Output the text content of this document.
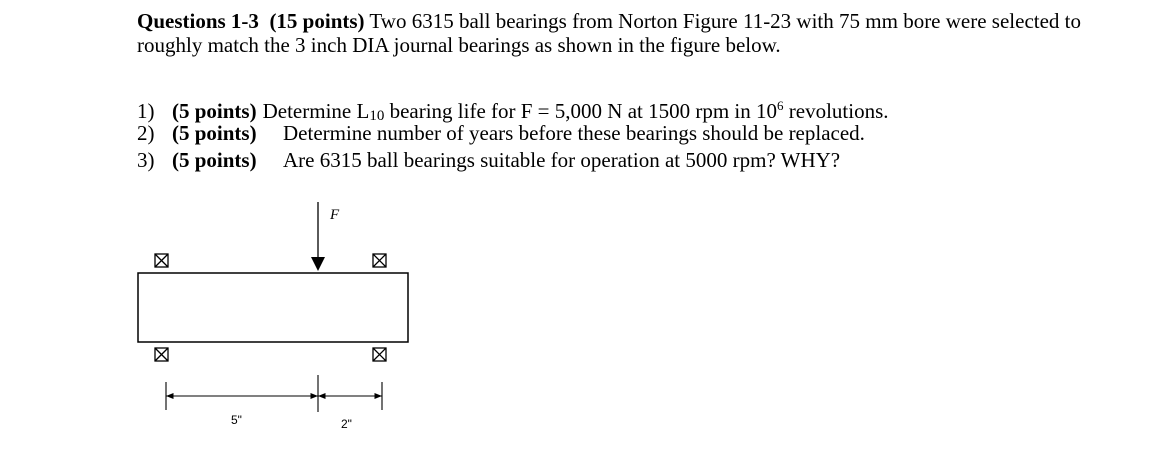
Questions 1-3 (15 points) Two 6315 ball bearings from Norton Figure 11-23 with 75 mm bore were selected to roughly match the 3 inch DIA journal bearings as shown in the figure below.
1) (5 points) Determine $L_{10}$ bearing life for F = 5,000 N at 1500 rpm in $10^6$ revolutions.
2) (5 points) Determine number of years before these bearings should be replaced.
3) (5 points) Are 6315 ball bearings suitable for operation at 5000 rpm? WHY?
F
5"	2"
